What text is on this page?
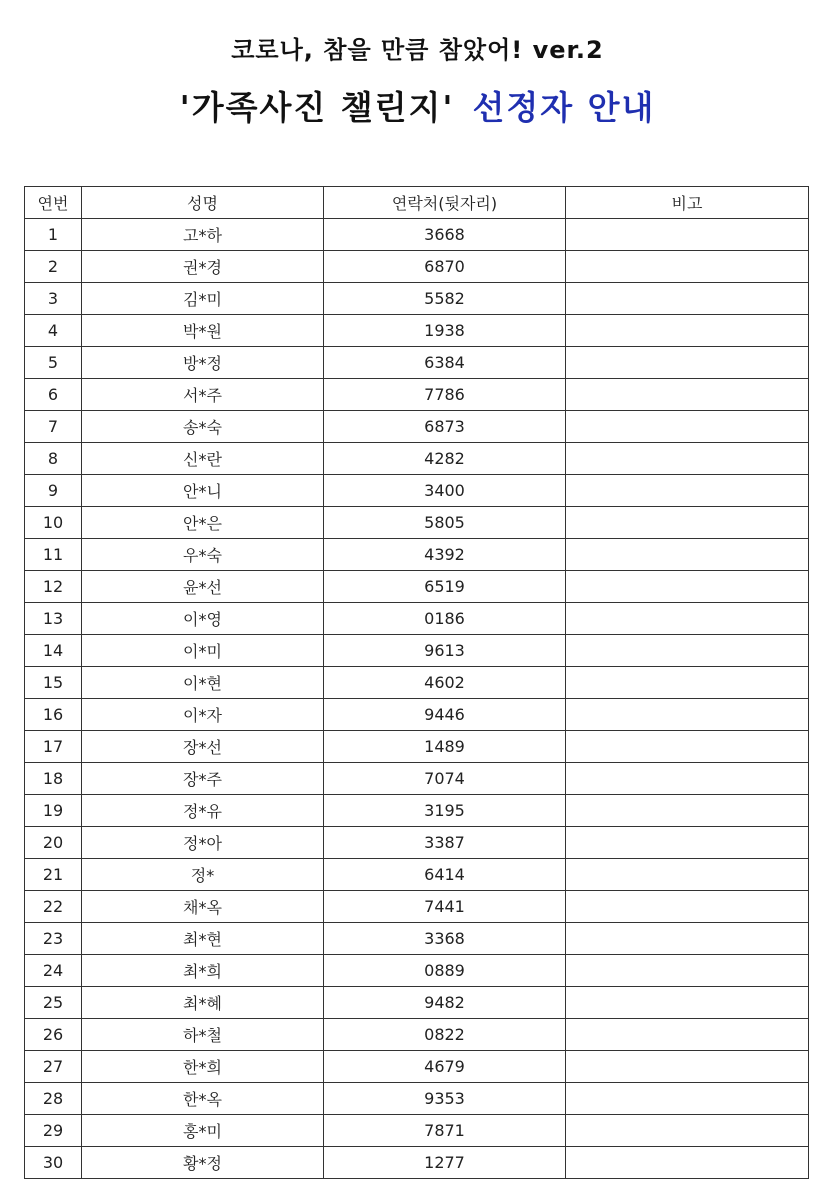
코로나, 참을 만큼 참았어! ver.2
'가족사진 챌린지' 선정자 안내
연번	성명	연락처(뒷자리)	비고
1	고*하	3668	
2	권*경	6870	
3	김*미	5582	
4	박*원	1938	
5	방*정	6384	
6	서*주	7786	
7	송*숙	6873	
8	신*란	4282	
9	안*니	3400	
10	안*은	5805	
11	우*숙	4392	
12	윤*선	6519	
13	이*영	0186	
14	이*미	9613	
15	이*현	4602	
16	이*자	9446	
17	장*선	1489	
18	장*주	7074	
19	정*유	3195	
20	정*아	3387	
21	정*	6414	
22	채*옥	7441	
23	최*현	3368	
24	최*희	0889	
25	최*혜	9482	
26	하*철	0822	
27	한*희	4679	
28	한*옥	9353	
29	홍*미	7871	
30	황*정	1277	
